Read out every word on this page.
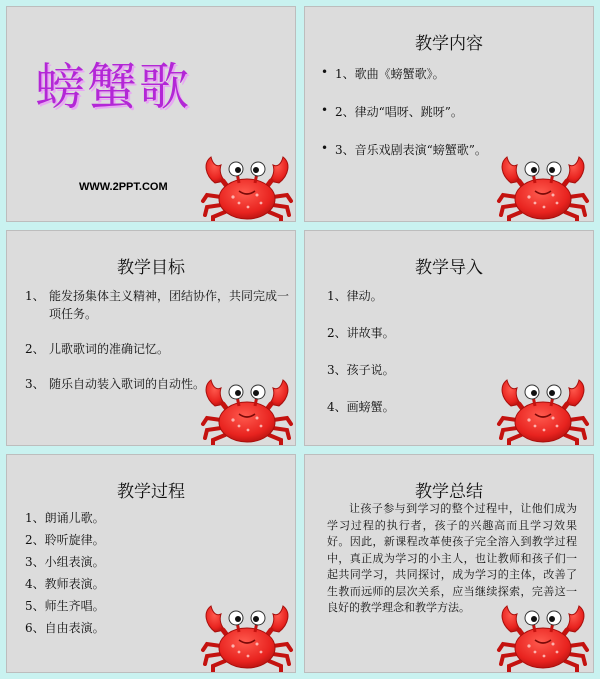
螃蟹歌
WWW.2PPT.COM
教学内容
• 1、歌曲《螃蟹歌》。
• 2、律动“唱呀、跳呀”。
• 3、音乐戏剧表演“螃蟹歌”。
教学目标
1、 能发扬集体主义精神，团结协作，共同完成一项任务。
2、 儿歌歌词的准确记忆。
3、 随乐自动装入歌词的自动性。
教学导入
1、律动。
2、讲故事。
3、孩子说。
4、画螃蟹。
教学过程
1、朗诵儿歌。
2、聆听旋律。
3、小组表演。
4、教师表演。
5、师生齐唱。
6、自由表演。
教学总结
让孩子参与到学习的整个过程中，让他们成为学习过程的执行者，孩子的兴趣高而且学习效果好。因此，新课程改革使孩子完全溶入到教学过程中，真正成为学习的小主人，也让教师和孩子们一起共同学习，共同探讨，成为学习的主体，改善了生教而远师的层次关系，应当继续探索，完善这一良好的教学理念和教学方法。
